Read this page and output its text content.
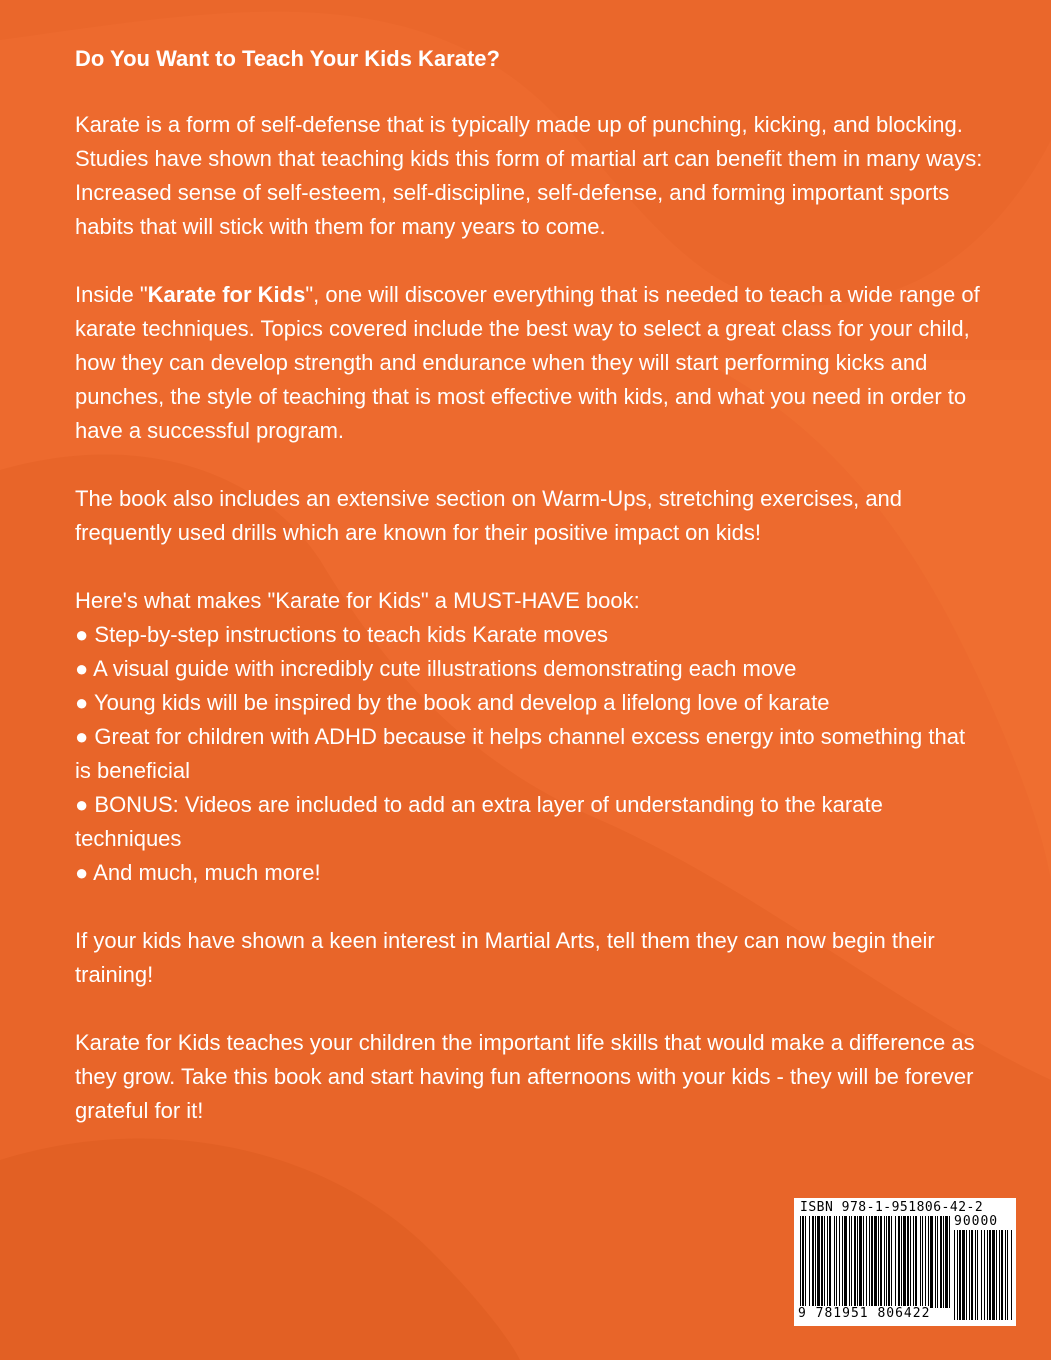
Do You Want to Teach Your Kids Karate?

Karate is a form of self-defense that is typically made up of punching, kicking, and blocking. Studies have shown that teaching kids this form of martial art can benefit them in many ways: Increased sense of self-esteem, self-discipline, self-defense, and forming important sports habits that will stick with them for many years to come.

Inside "Karate for Kids", one will discover everything that is needed to teach a wide range of karate techniques. Topics covered include the best way to select a great class for your child, how they can develop strength and endurance when they will start performing kicks and punches, the style of teaching that is most effective with kids, and what you need in order to have a successful program.

The book also includes an extensive section on Warm-Ups, stretching exercises, and frequently used drills which are known for their positive impact on kids!

Here's what makes "Karate for Kids" a MUST-HAVE book:

● Step-by-step instructions to teach kids Karate moves
● A visual guide with incredibly cute illustrations demonstrating each move
● Young kids will be inspired by the book and develop a lifelong love of karate
● Great for children with ADHD because it helps channel excess energy into something that is beneficial
● BONUS: Videos are included to add an extra layer of understanding to the karate techniques
● And much, much more!

If your kids have shown a keen interest in Martial Arts, tell them they can now begin their training!

Karate for Kids teaches your children the important life skills that would make a difference as they grow. Take this book and start having fun afternoons with your kids - they will be forever grateful for it!

ISBN 978-1-951806-42-2
90000
9 781951 806422
